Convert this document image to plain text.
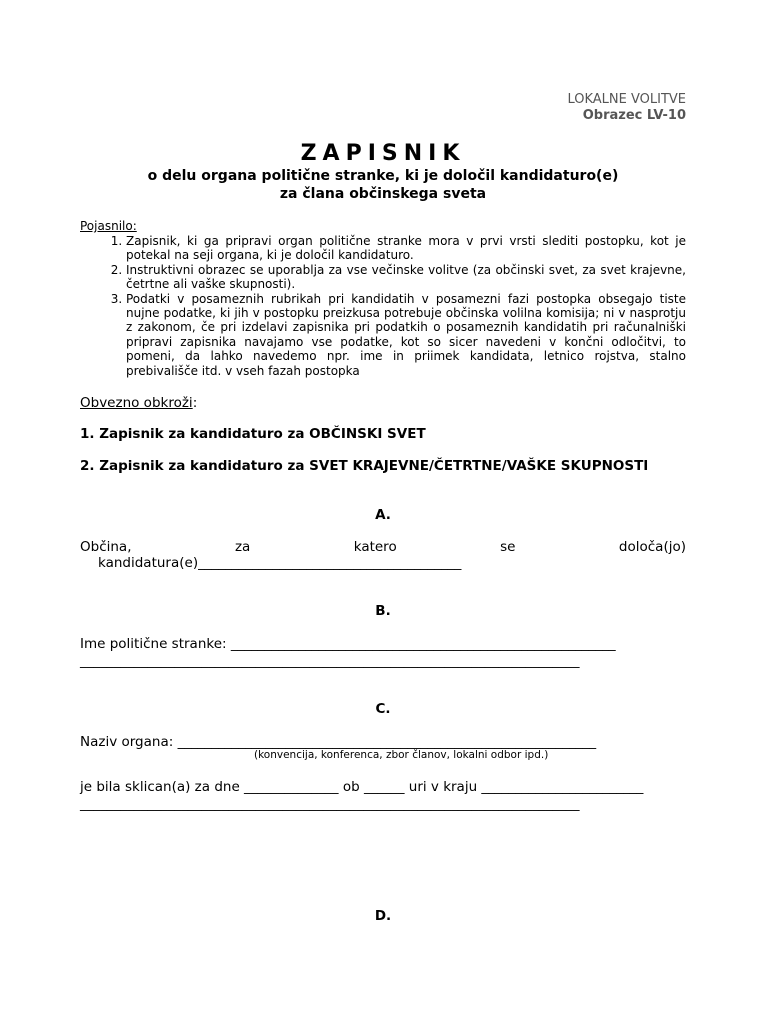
LOKALNE VOLITVE
Obrazec LV-10
ZAPISNIK
o delu organa politične stranke, ki je določil kandidaturo(e)
za člana občinskega sveta
Pojasnilo:
1. Zapisnik, ki ga pripravi organ politične stranke mora v prvi vrsti slediti postopku, kot je potekal na seji organa, ki je določil kandidaturo.
2. Instruktivni obrazec se uporablja za vse večinske volitve (za občinski svet, za svet krajevne, četrtne ali vaške skupnosti).
3. Podatki v posameznih rubrikah pri kandidatih v posamezni fazi postopka obsegajo tiste nujne podatke, ki jih v postopku preizkusa potrebuje občinska volilna komisija; ni v nasprotju z zakonom, če pri izdelavi zapisnika pri podatkih o posameznih kandidatih pri računalniški pripravi zapisnika navajamo vse podatke, kot so sicer navedeni v končni odločitvi, to pomeni, da lahko navedemo npr. ime in priimek kandidata, letnico rojstva, stalno prebivališče itd. v vseh fazah postopka
Obvezno obkroži:
1. Zapisnik za kandidaturo za OBČINSKI SVET
2. Zapisnik za kandidaturo za SVET KRAJEVNE/ČETRTNE/VAŠKE SKUPNOSTI
A.
Občina,	za	katero	se	določa(jo)
kandidatura(e)_______________________________________
B.
Ime politične stranke: _________________________________________________________
__________________________________________________________________________
C.
Naziv organa: ______________________________________________________________
(konvencija, konferenca, zbor članov, lokalni odbor ipd.)
je bila sklican(a) za dne ______________ ob ______ uri v kraju ________________________
__________________________________________________________________________
D.
